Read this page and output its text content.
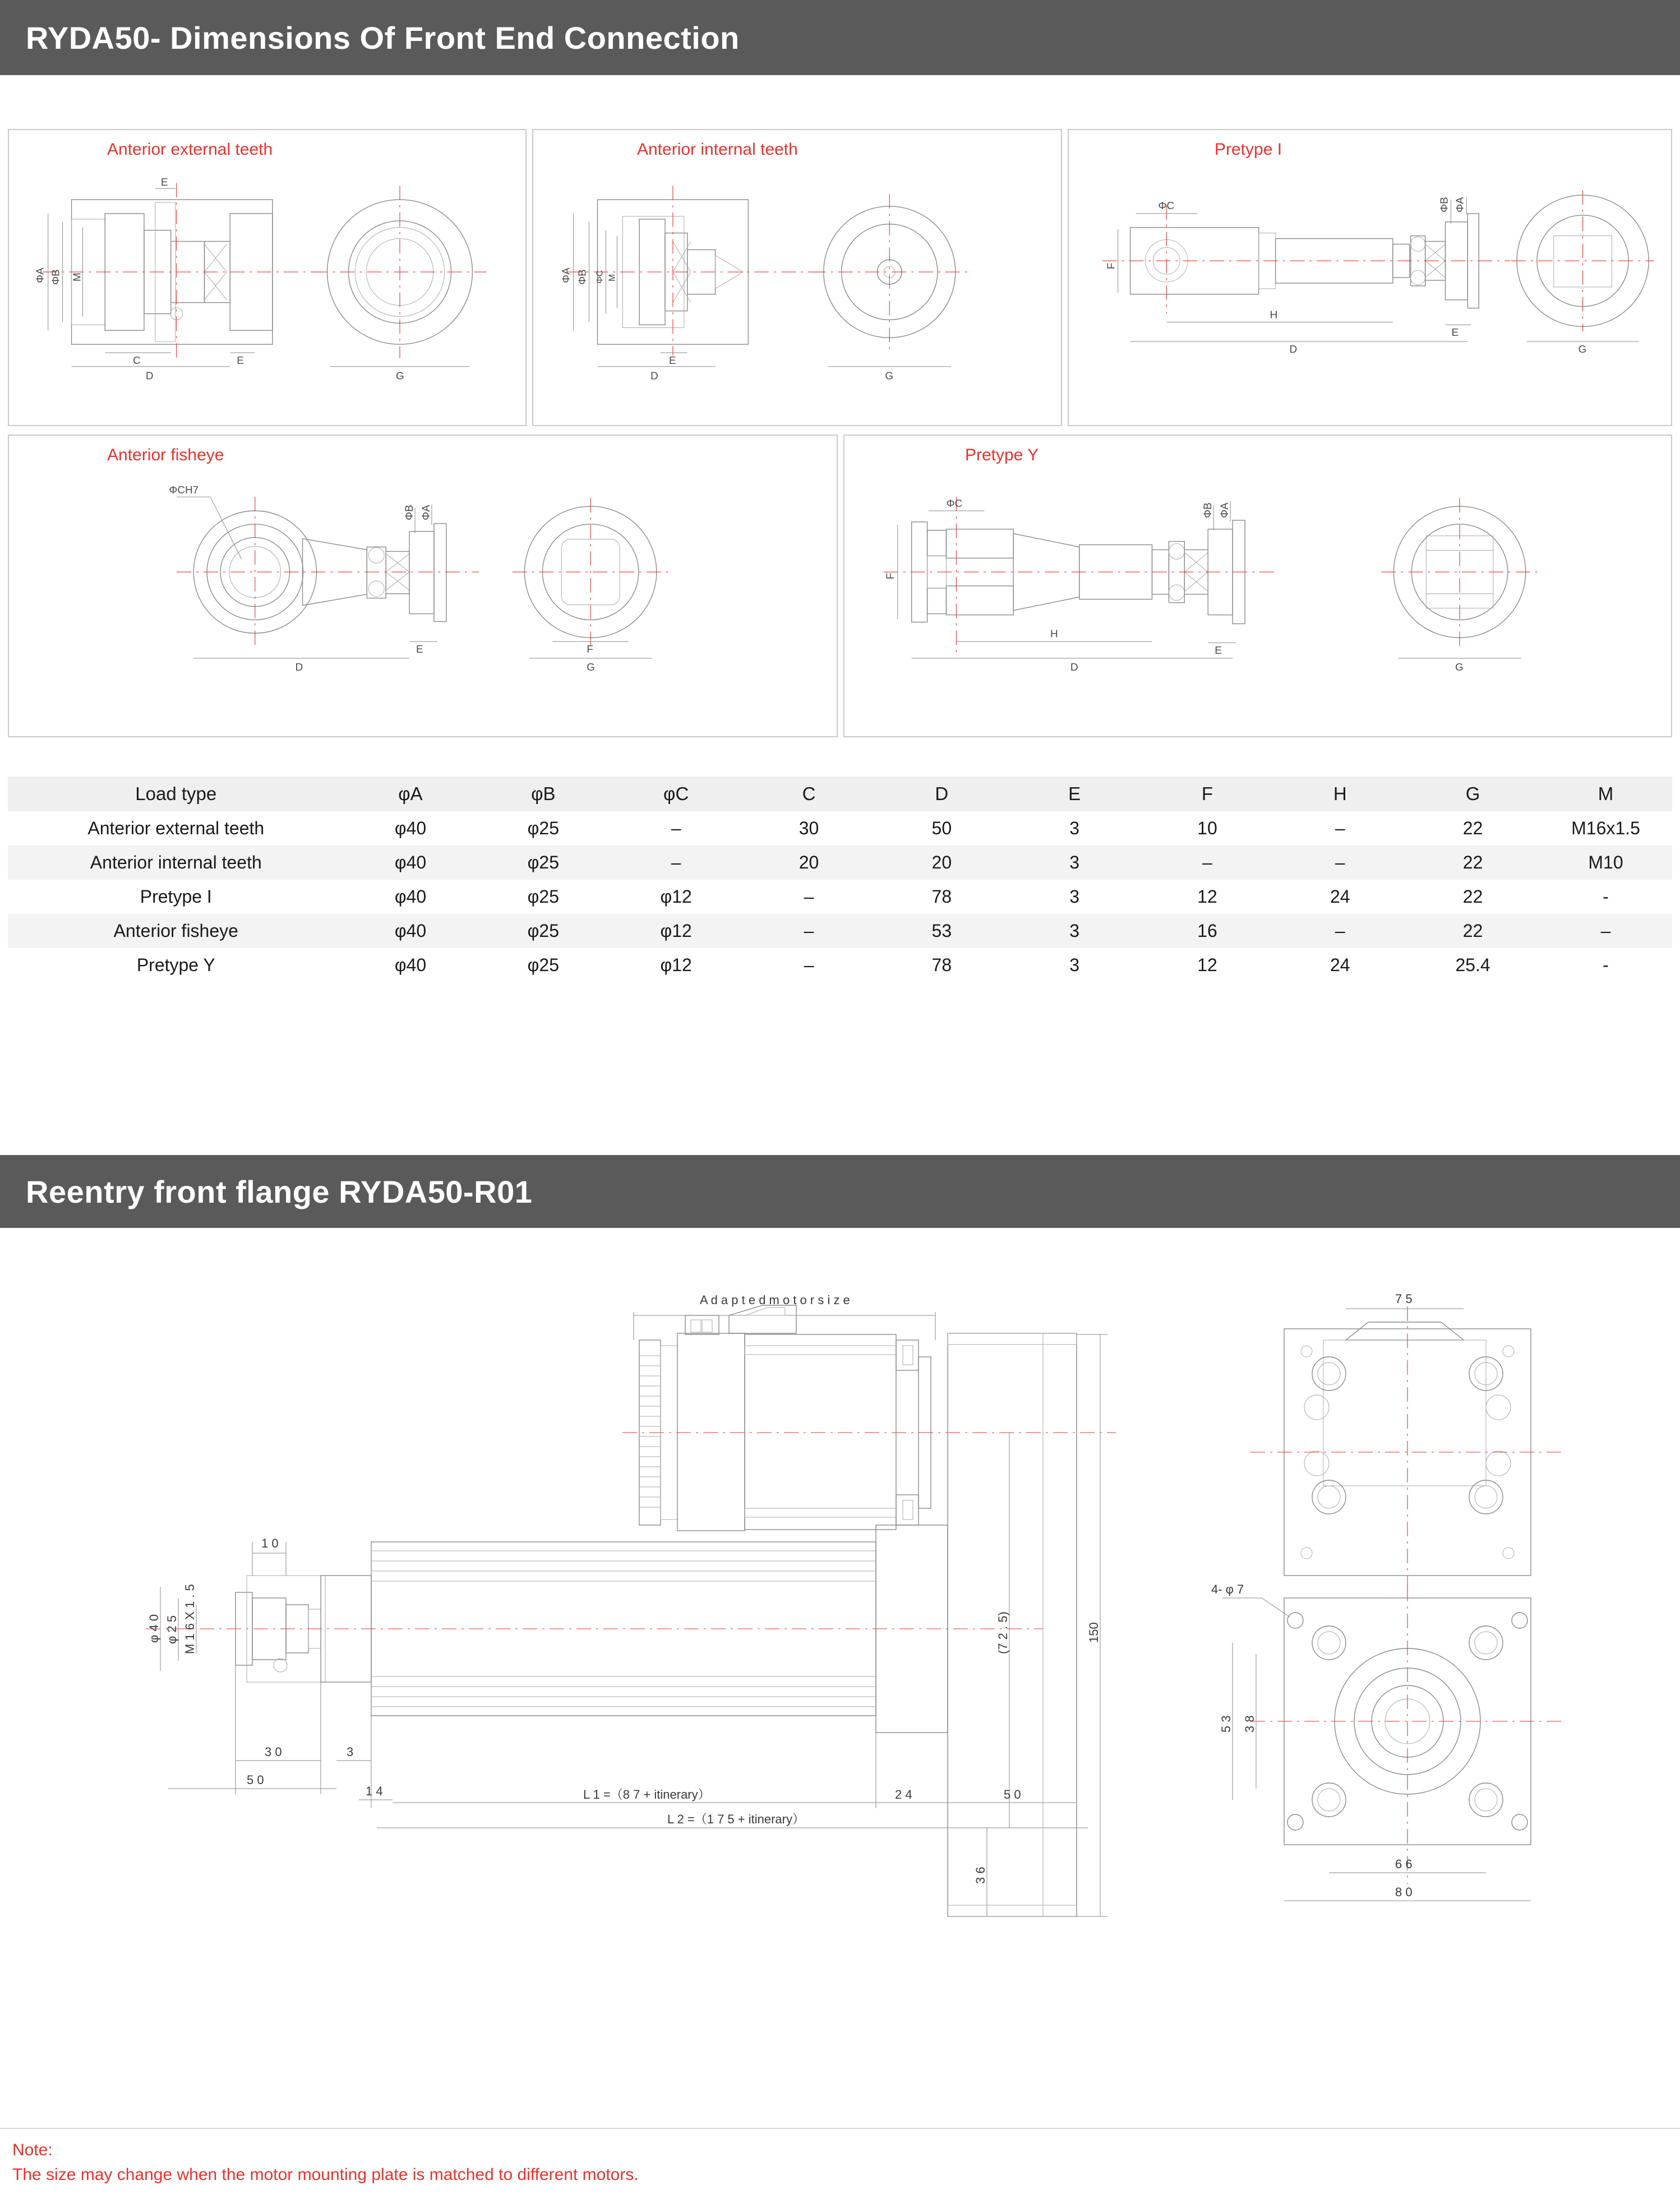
RYDA50- Dimensions Of Front End Connection
Anterior external teeth
ΦA ΦB M
E
C
D
E
G
Anterior internal teeth
ΦA ΦB ΦC M
E
D	G
Pretype I
F
ΦC	ΦB ΦA
H
D
E
G
Anterior fisheye
ΦCH7
ΦB ΦA
D
E	F
G
Pretype Y
F
ΦC	ΦB ΦA
H
D
E
G
Load type	φA	φB	φC	C	D	E	F	H	G	M
Anterior external teeth	φ40	φ25	–	30	50	3	10	–	22	M16x1.5
Anterior internal teeth	φ40	φ25	–	20	20	3	–	–	22	M10
Pretype I	φ40	φ25	φ12	–	78	3	12	24	22	-
Anterior fisheye	φ40	φ25	φ12	–	53	3	16	–	22	–
Pretype Y	φ40	φ25	φ12	–	78	3	12	24	25.4	-
Reentry front flange RYDA50-R01
A d a p t e d m o t o r s i z e
150
(7 2 . 5)
3 6
φ 4 0 φ 2 5 M 1 6 X 1 . 5
1 0
3 0	3
5 0
1 4	L 1 =（8 7 + itinerary）	2 4	5 0
L 2 =（1 7 5 + itinerary）
7 5
4- φ 7
5 3 3 8
6 6
8 0
Note:
The size may change when the motor mounting plate is matched to different motors.
